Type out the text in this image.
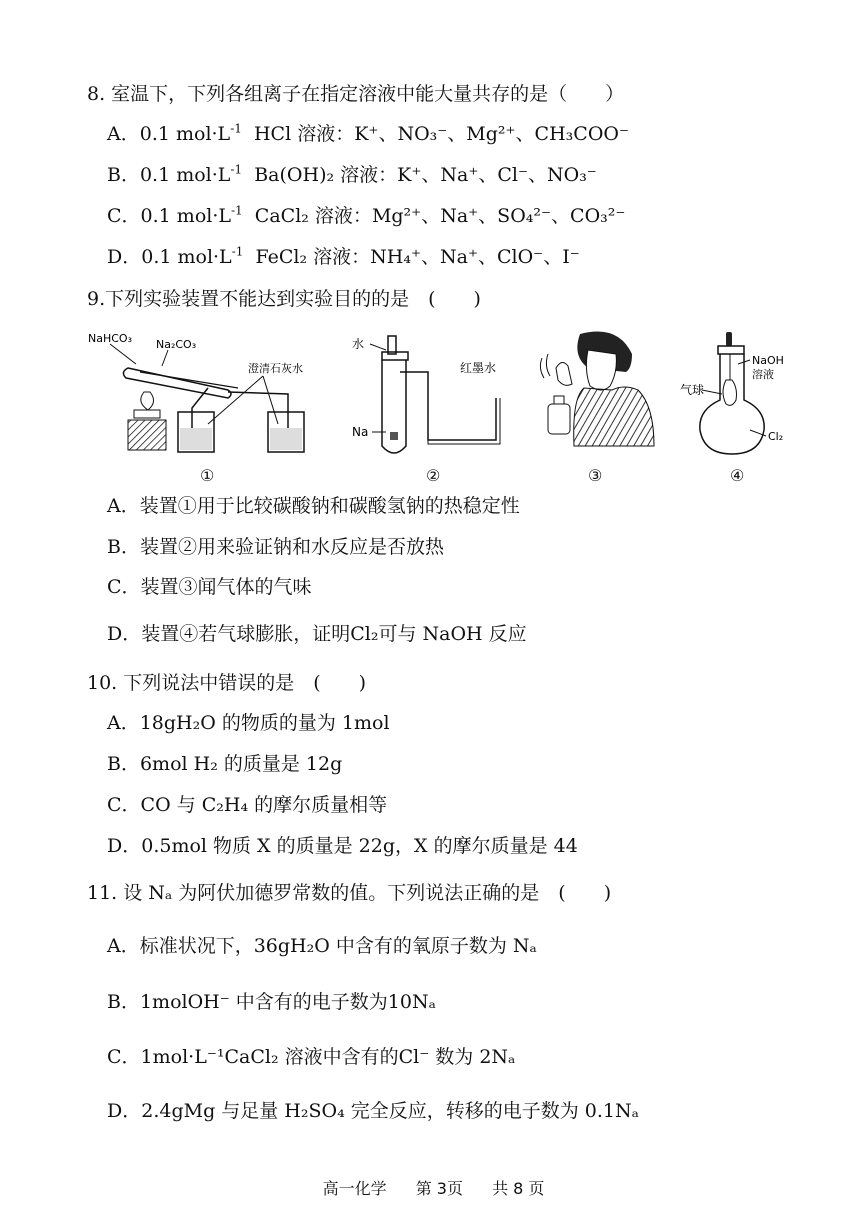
8. 室温下，下列各组离子在指定溶液中能大量共存的是（　　）
A．0.1 $mol\cdot L^{-1}$ HCl 溶液：K⁺、NO₃⁻、Mg²⁺、CH₃COO⁻
B．0.1 $mol\cdot L^{-1}$ Ba(OH)₂ 溶液：K⁺、Na⁺、Cl⁻、NO₃⁻
C．0.1 $mol\cdot L^{-1}$ CaCl₂ 溶液：Mg²⁺、Na⁺、SO₄²⁻、CO₃²⁻
D．0.1 $mol\cdot L^{-1}$ FeCl₂ 溶液：NH₄⁺、Na⁺、ClO⁻、I⁻
9.下列实验装置不能达到实验目的的是　(　　)
NaHCO₃ Na₂CO₃
澄清石灰水
①
水
Na
红墨水
②	③
NaOH
溶液
气球
Cl₂
④
A．装置①用于比较碳酸钠和碳酸氢钠的热稳定性
B．装置②用来验证钠和水反应是否放热
C．装置③闻气体的气味
D．装置④若气球膨胀，证明Cl₂可与 NaOH 反应
10. 下列说法中错误的是　(　　)
A．18gH₂O 的物质的量为 1mol
B．6mol H₂ 的质量是 12g
C．CO 与 C₂H₄ 的摩尔质量相等
D．0.5mol 物质 X 的质量是 22g，X 的摩尔质量是 44
11. 设 Nₐ 为阿伏加德罗常数的值。下列说法正确的是　(　　)
A．标准状况下，36gH₂O 中含有的氧原子数为 Nₐ
B．1molOH⁻ 中含有的电子数为10Nₐ
C．1mol·L⁻¹CaCl₂ 溶液中含有的Cl⁻ 数为 2Nₐ
D．2.4gMg 与足量 H₂SO₄ 完全反应，转移的电子数为 0.1Nₐ
高一化学 第 3页 共 8 页
